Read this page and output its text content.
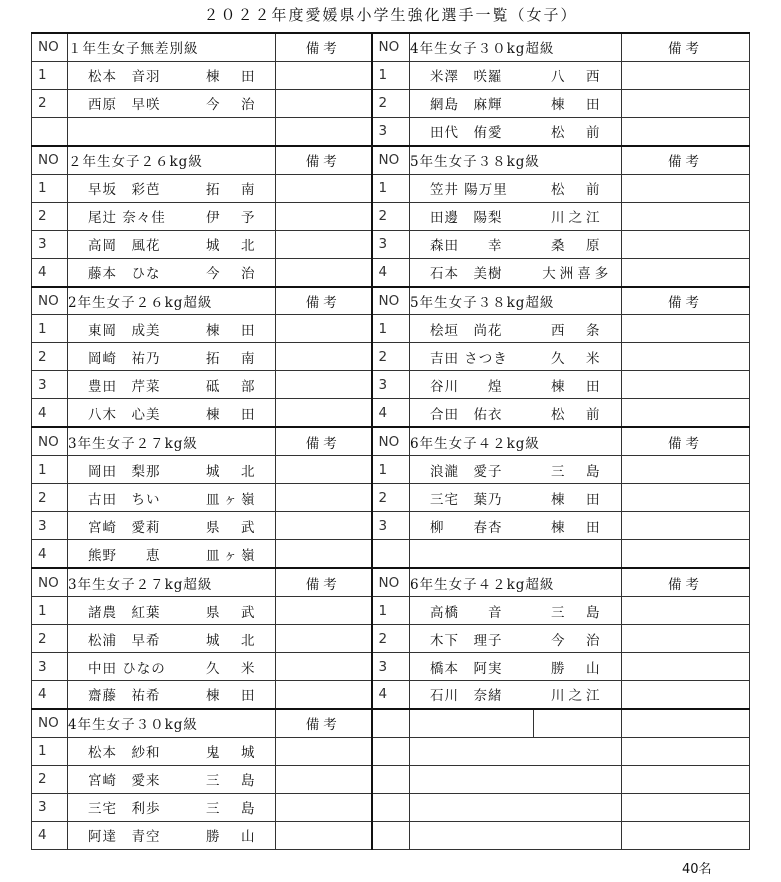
２０２２年度愛媛県小学生強化選手一覧（女子）
NO	１年生女子無差別級		備考	NO	4年生女子３０kg超級		備考
1	松本　音羽	棟　田		1	米澤　咲羅	八　西	
2	西原　早咲	今　治		2	網島　麻輝	棟　田	
				3	田代　侑愛	松　前	
NO	２年生女子２６kg級		備考	NO	5年生女子３８kg級		備考
1	早坂　彩芭	拓　南		1	笠井 陽万里	松　前	
2	尾辻 奈々佳	伊　予		2	田邊　陽梨	川之江	
3	高岡　風花	城　北		3	森田　　幸	桑　原	
4	藤本　ひな	今　治		4	石本　美樹	大洲喜多	
NO	2年生女子２６kg超級		備考	NO	5年生女子３８kg超級		備考
1	東岡　成美	棟　田		1	桧垣　尚花	西　条	
2	岡崎　祐乃	拓　南		2	吉田 さつき	久　米	
3	豊田　芹菜	砥　部		3	谷川　　煌	棟　田	
4	八木　心美	棟　田		4	合田　佑衣	松　前	
NO	3年生女子２７kg級		備考	NO	6年生女子４２kg級		備考
1	岡田　梨那	城　北		1	浪瀧　愛子	三　島	
2	古田　ちい	皿ヶ嶺		2	三宅　葉乃	棟　田	
3	宮崎　愛莉	県　武		3	柳　　春杏	棟　田	
4	熊野　　恵	皿ヶ嶺					
NO	3年生女子２７kg超級		備考	NO	6年生女子４２kg超級		備考
1	諸農　紅葉	県　武		1	高橋　　音	三　島	
2	松浦　早希	城　北		2	木下　理子	今　治	
3	中田 ひなの	久　米		3	橋本　阿実	勝　山	
4	齋藤　祐希	棟　田		4	石川　奈緒	川之江	
NO	4年生女子３０kg級		備考				
1	松本　紗和	鬼　城					
2	宮崎　愛来	三　島					
3	三宅　利歩	三　島					
4	阿達　青空	勝　山					
40名
